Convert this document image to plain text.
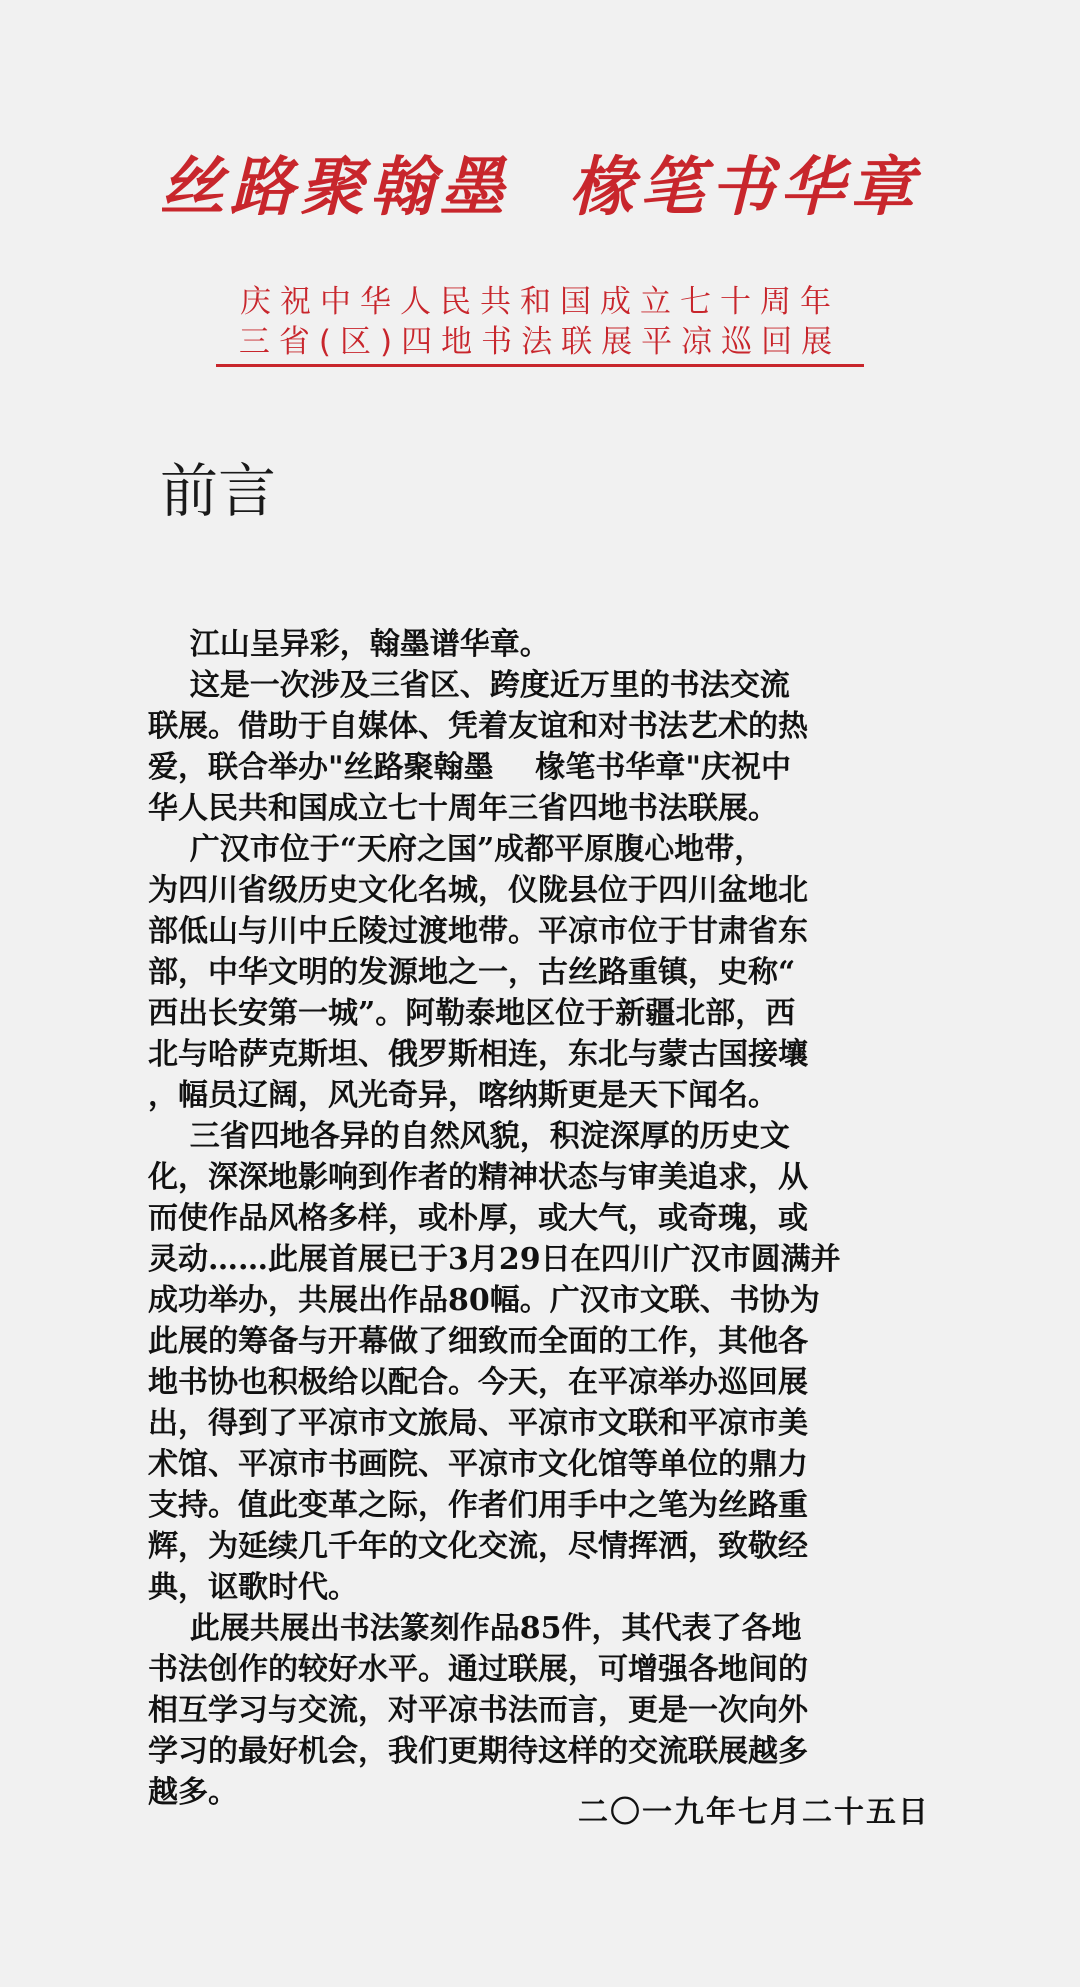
丝路聚翰墨 椽笔书华章
庆祝中华人民共和国成立七十周年
三省(区)四地书法联展平凉巡回展
前言
江山呈异彩，翰墨谱华章。
这是一次涉及三省区、跨度近万里的书法交流
联展。借助于自媒体、凭着友谊和对书法艺术的热
爱，联合举办"丝路聚翰墨    椽笔书华章"庆祝中
华人民共和国成立七十周年三省四地书法联展。
广汉市位于“天府之国”成都平原腹心地带，
为四川省级历史文化名城，仪陇县位于四川盆地北
部低山与川中丘陵过渡地带。平凉市位于甘肃省东
部，中华文明的发源地之一，古丝路重镇，史称“
西出长安第一城”。阿勒泰地区位于新疆北部，西
北与哈萨克斯坦、俄罗斯相连，东北与蒙古国接壤
，幅员辽阔，风光奇异，喀纳斯更是天下闻名。
三省四地各异的自然风貌，积淀深厚的历史文
化，深深地影响到作者的精神状态与审美追求，从
而使作品风格多样，或朴厚，或大气，或奇瑰，或
灵动……此展首展已于3月29日在四川广汉市圆满并
成功举办，共展出作品80幅。广汉市文联、书协为
此展的筹备与开幕做了细致而全面的工作，其他各
地书协也积极给以配合。今天，在平凉举办巡回展
出，得到了平凉市文旅局、平凉市文联和平凉市美
术馆、平凉市书画院、平凉市文化馆等单位的鼎力
支持。值此变革之际，作者们用手中之笔为丝路重
辉，为延续几千年的文化交流，尽情挥洒，致敬经
典，讴歌时代。
此展共展出书法篆刻作品85件，其代表了各地
书法创作的较好水平。通过联展，可增强各地间的
相互学习与交流，对平凉书法而言，更是一次向外
学习的最好机会，我们更期待这样的交流联展越多
越多。
二〇一九年七月二十五日
